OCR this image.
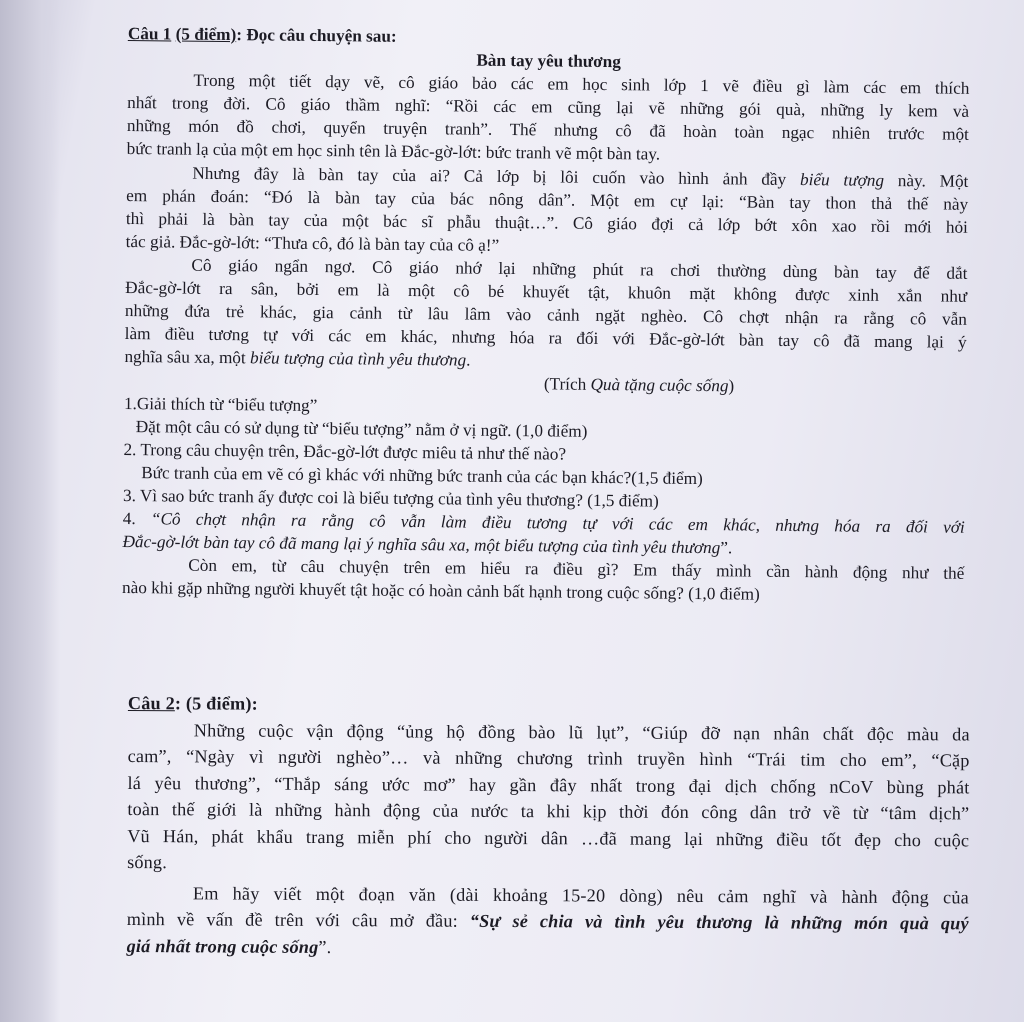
Câu 1 (5 điểm): Đọc câu chuyện sau:
Bàn tay yêu thương
Trong một tiết dạy vẽ, cô giáo bảo các em học sinh lớp 1 vẽ điều gì làm các em thích
nhất trong đời. Cô giáo thầm nghĩ: “Rồi các em cũng lại vẽ những gói quà, những ly kem và
những món đồ chơi, quyển truyện tranh”. Thế nhưng cô đã hoàn toàn ngạc nhiên trước một
bức tranh lạ của một em học sinh tên là Đắc-gờ-lớt: bức tranh vẽ một bàn tay.
Nhưng đây là bàn tay của ai? Cả lớp bị lôi cuốn vào hình ảnh đầy biểu tượng này. Một
em phán đoán: “Đó là bàn tay của bác nông dân”. Một em cự lại: “Bàn tay thon thả thế này
thì phải là bàn tay của một bác sĩ phẫu thuật…”. Cô giáo đợi cả lớp bớt xôn xao rồi mới hỏi
tác giả. Đắc-gờ-lớt: “Thưa cô, đó là bàn tay của cô ạ!”
Cô giáo ngẩn ngơ. Cô giáo nhớ lại những phút ra chơi thường dùng bàn tay để dắt
Đắc-gờ-lớt ra sân, bởi em là một cô bé khuyết tật, khuôn mặt không được xinh xắn như
những đứa trẻ khác, gia cảnh từ lâu lâm vào cảnh ngặt nghèo. Cô chợt nhận ra rằng cô vẫn
làm điều tương tự với các em khác, nhưng hóa ra đối với Đắc-gờ-lớt bàn tay cô đã mang lại ý
nghĩa sâu xa, một biểu tượng của tình yêu thương.
(Trích Quà tặng cuộc sống)
1.Giải thích từ “biểu tượng”
Đặt một câu có sử dụng từ “biểu tượng” nằm ở vị ngữ. (1,0 điểm)
2. Trong câu chuyện trên, Đắc-gờ-lớt được miêu tả như thế nào?
Bức tranh của em vẽ có gì khác với những bức tranh của các bạn khác?(1,5 điểm)
3. Vì sao bức tranh ấy được coi là biểu tượng của tình yêu thương? (1,5 điểm)
4. “Cô chợt nhận ra rằng cô vẫn làm điều tương tự với các em khác, nhưng hóa ra đối với
Đắc-gờ-lớt bàn tay cô đã mang lại ý nghĩa sâu xa, một biểu tượng của tình yêu thương”.
Còn em, từ câu chuyện trên em hiểu ra điều gì? Em thấy mình cần hành động như thế
nào khi gặp những người khuyết tật hoặc có hoàn cảnh bất hạnh trong cuộc sống? (1,0 điểm)
Câu 2: (5 điểm):
Những cuộc vận động “ủng hộ đồng bào lũ lụt”, “Giúp đỡ nạn nhân chất độc màu da
cam”, “Ngày vì người nghèo”… và những chương trình truyền hình “Trái tim cho em”, “Cặp
lá yêu thương”, “Thắp sáng ước mơ” hay gần đây nhất trong đại dịch chống nCoV bùng phát
toàn thế giới là những hành động của nước ta khi kịp thời đón công dân trở về từ “tâm dịch”
Vũ Hán, phát khẩu trang miễn phí cho người dân …đã mang lại những điều tốt đẹp cho cuộc
sống.
Em hãy viết một đoạn văn (dài khoảng 15-20 dòng) nêu cảm nghĩ và hành động của
mình về vấn đề trên với câu mở đầu: “Sự sẻ chia và tình yêu thương là những món quà quý
giá nhất trong cuộc sống”.
